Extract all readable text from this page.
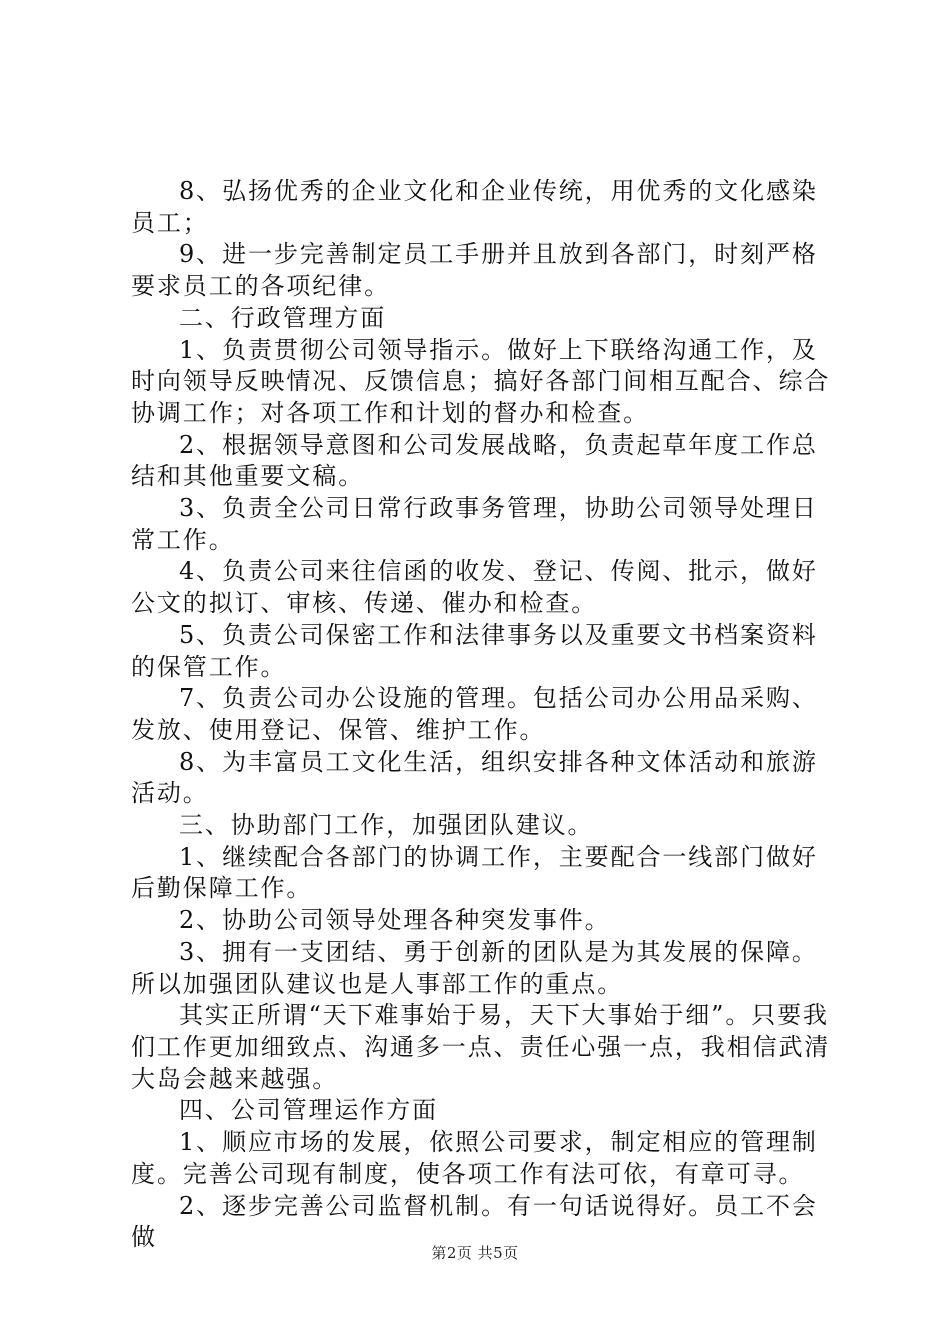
8、弘扬优秀的企业文化和企业传统，用优秀的文化感染员工；

9、进一步完善制定员工手册并且放到各部门，时刻严格要求员工的各项纪律。

二、行政管理方面

1、负责贯彻公司领导指示。做好上下联络沟通工作，及时向领导反映情况、反馈信息；搞好各部门间相互配合、综合协调工作；对各项工作和计划的督办和检查。

2、根据领导意图和公司发展战略，负责起草年度工作总结和其他重要文稿。

3、负责全公司日常行政事务管理，协助公司领导处理日常工作。

4、负责公司来往信函的收发、登记、传阅、批示，做好公文的拟订、审核、传递、催办和检查。

5、负责公司保密工作和法律事务以及重要文书档案资料的保管工作。

7、负责公司办公设施的管理。包括公司办公用品采购、发放、使用登记、保管、维护工作。

8、为丰富员工文化生活，组织安排各种文体活动和旅游活动。

三、协助部门工作，加强团队建议。

1、继续配合各部门的协调工作，主要配合一线部门做好后勤保障工作。

2、协助公司领导处理各种突发事件。

3、拥有一支团结、勇于创新的团队是为其发展的保障。所以加强团队建议也是人事部工作的重点。

其实正所谓“天下难事始于易，天下大事始于细”。只要我们工作更加细致点、沟通多一点、责任心强一点，我相信武清大岛会越来越强。

四、公司管理运作方面

1、顺应市场的发展，依照公司要求，制定相应的管理制度。完善公司现有制度，使各项工作有法可依，有章可寻。

2、逐步完善公司监督机制。有一句话说得好。员工不会做

第2页 共5页
